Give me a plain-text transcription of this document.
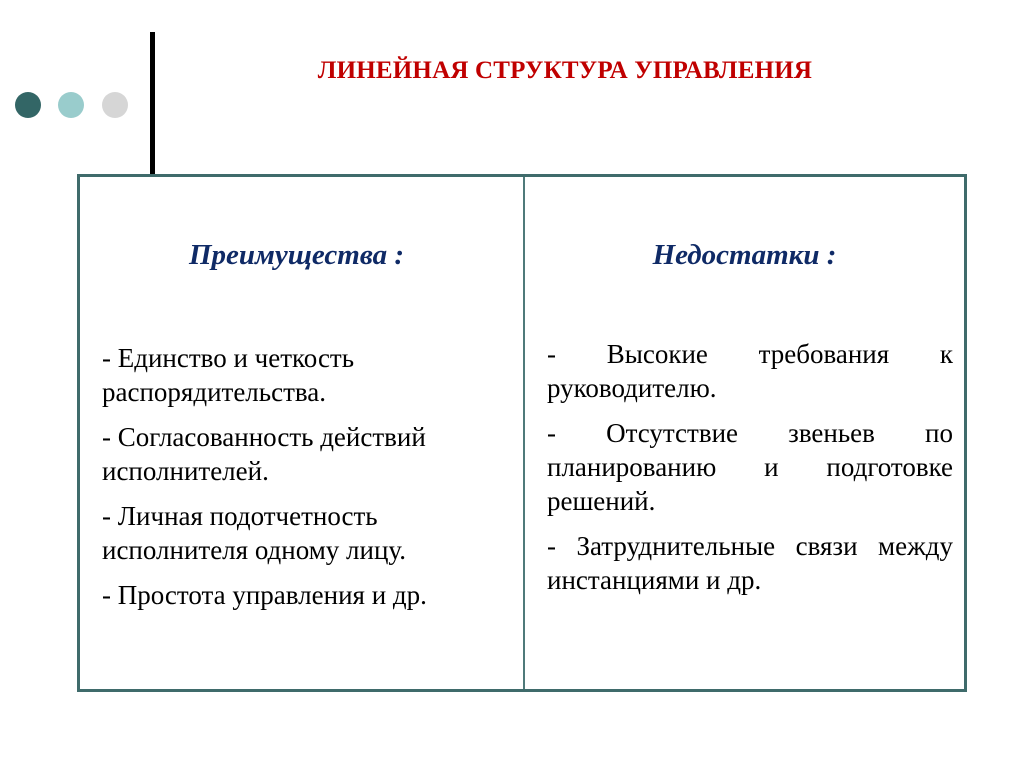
ЛИНЕЙНАЯ СТРУКТУРА УПРАВЛЕНИЯ
Преимущества :
- Единство и четкость распорядительства.
- Согласованность действий исполнителей.
- Личная подотчетность исполнителя одному лицу.
- Простота управления и др.
Недостатки :
- Высокие требования к руководителю.
- Отсутствие звеньев по планированию и подготовке решений.
- Затруднительные связи между инстанциями и др.
